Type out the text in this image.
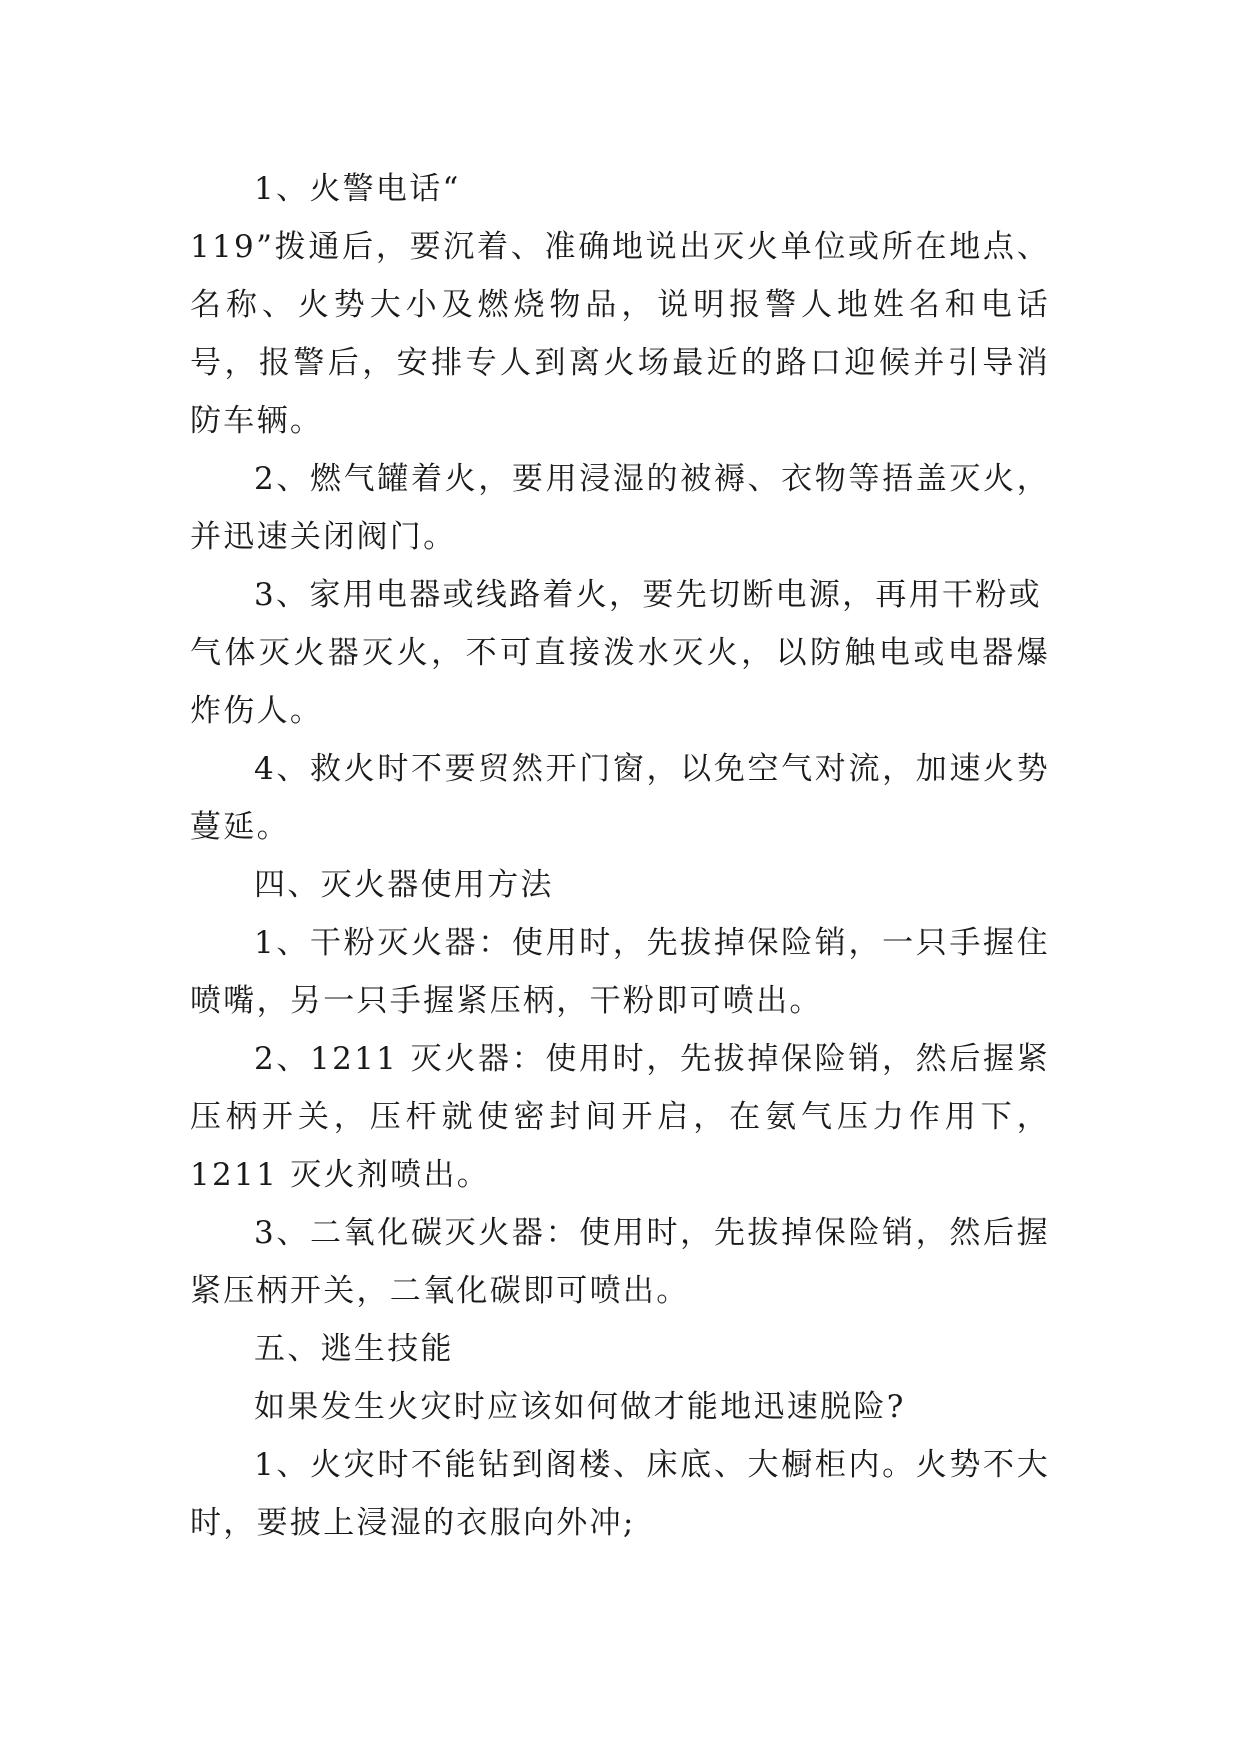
1、火警电话“

119”拨通后，要沉着、准确地说出灭火单位或所在地点、名称、火势大小及燃烧物品，说明报警人地姓名和电话号，报警后，安排专人到离火场最近的路口迎候并引导消防车辆。

2、燃气罐着火，要用浸湿的被褥、衣物等捂盖灭火，并迅速关闭阀门。

3、家用电器或线路着火，要先切断电源，再用干粉或

气体灭火器灭火，不可直接泼水灭火，以防触电或电器爆炸伤人。

4、救火时不要贸然开门窗，以免空气对流，加速火势蔓延。

四、灭火器使用方法

1、干粉灭火器：使用时，先拔掉保险销，一只手握住喷嘴，另一只手握紧压柄，干粉即可喷出。

2、1211 灭火器：使用时，先拔掉保险销，然后握紧压柄开关，压杆就使密封间开启，在氨气压力作用下，1211 灭火剂喷出。

3、二氧化碳灭火器：使用时，先拔掉保险销，然后握紧压柄开关，二氧化碳即可喷出。

五、逃生技能

如果发生火灾时应该如何做才能地迅速脱险?

1、火灾时不能钻到阁楼、床底、大橱柜内。火势不大时，要披上浸湿的衣服向外冲;
